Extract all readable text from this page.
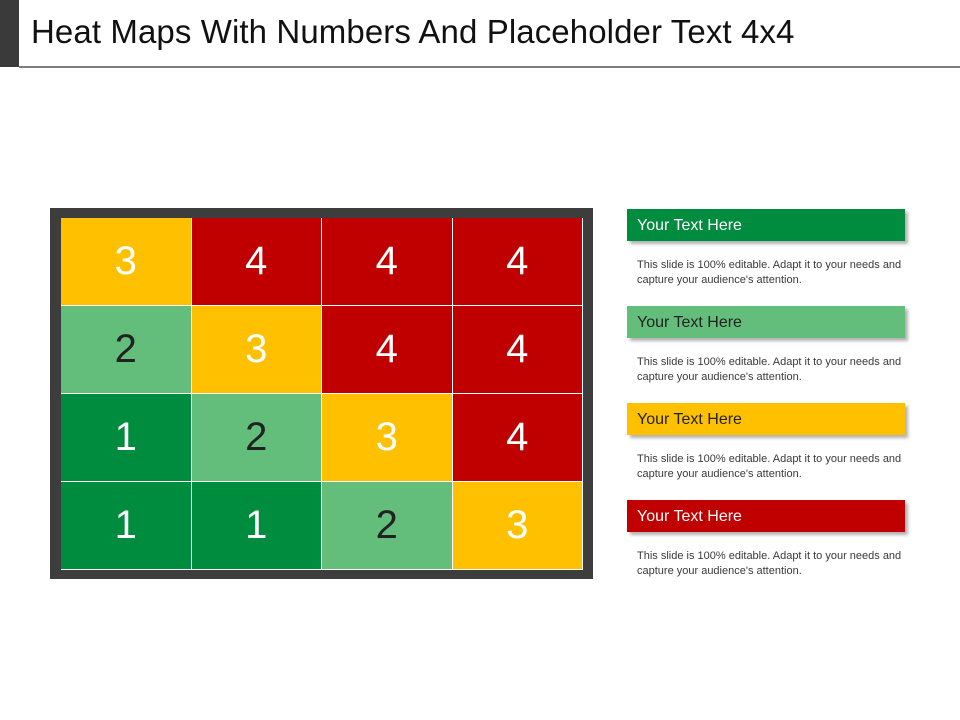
Heat Maps With Numbers And Placeholder Text 4x4
3	4	4	4
2	3	4	4
1	2	3	4
1	1	2	3
Your Text Here
This slide is 100% editable. Adapt it to your needs and capture your audience's attention.
Your Text Here
This slide is 100% editable. Adapt it to your needs and capture your audience's attention.
Your Text Here
This slide is 100% editable. Adapt it to your needs and capture your audience's attention.
Your Text Here
This slide is 100% editable. Adapt it to your needs and capture your audience's attention.
